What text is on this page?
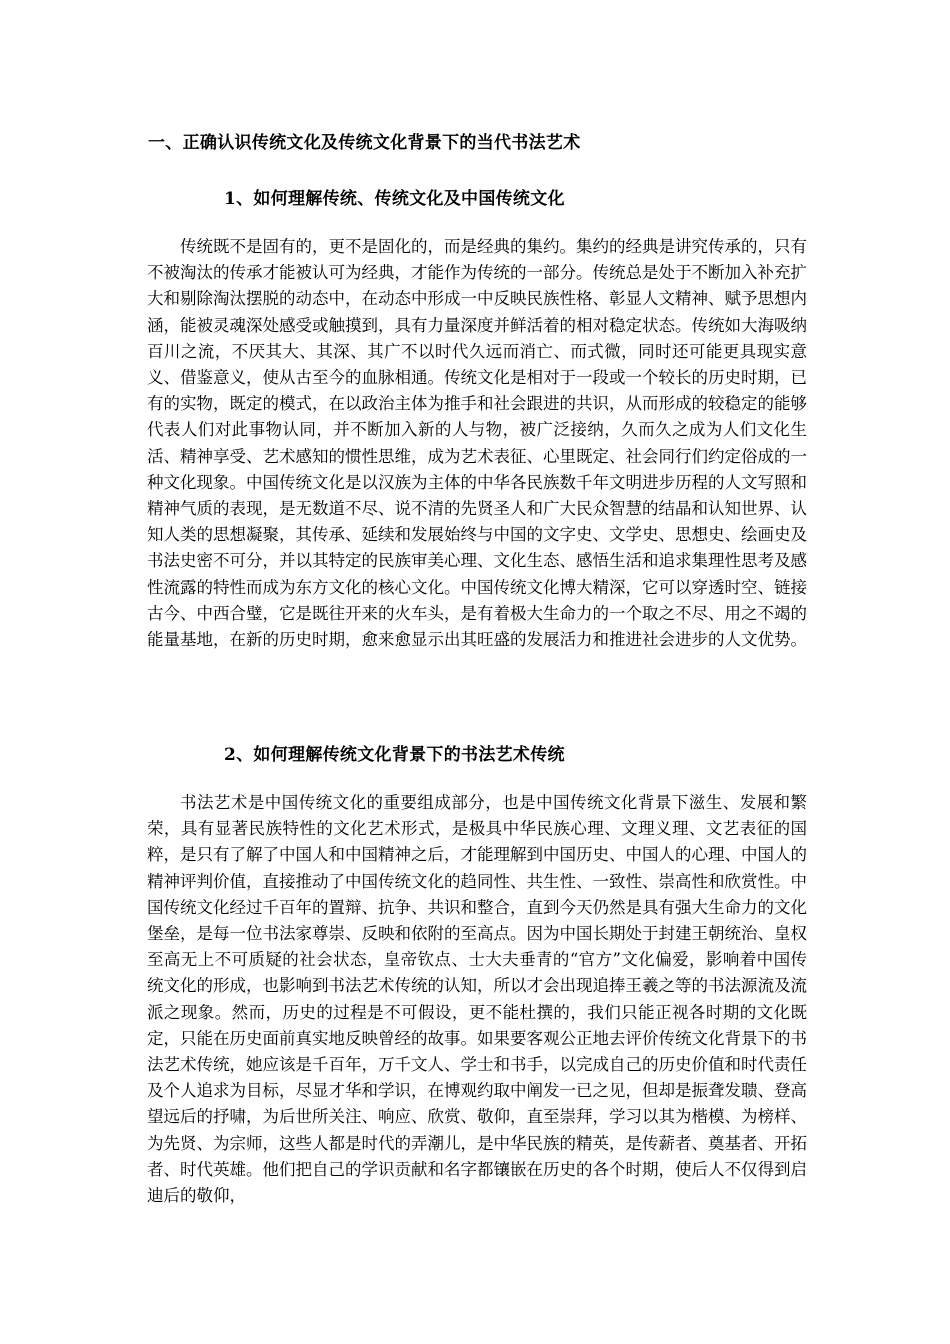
一、正确认识传统文化及传统文化背景下的当代书法艺术
1、如何理解传统、传统文化及中国传统文化

传统既不是固有的，更不是固化的，而是经典的集约。集约的经典是讲究传承的，只有不被淘汰的传承才能被认可为经典，才能作为传统的一部分。传统总是处于不断加入补充扩大和剔除淘汰摆脱的动态中，在动态中形成一中反映民族性格、彰显人文精神、赋予思想内涵，能被灵魂深处感受或触摸到，具有力量深度并鲜活着的相对稳定状态。传统如大海吸纳百川之流，不厌其大、其深、其广不以时代久远而消亡、而式微，同时还可能更具现实意义、借鉴意义，使从古至今的血脉相通。传统文化是相对于一段或一个较长的历史时期，已有的实物，既定的模式，在以政治主体为推手和社会跟进的共识，从而形成的较稳定的能够代表人们对此事物认同，并不断加入新的人与物，被广泛接纳，久而久之成为人们文化生活、精神享受、艺术感知的惯性思维，成为艺术表征、心里既定、社会同行们约定俗成的一种文化现象。中国传统文化是以汉族为主体的中华各民族数千年文明进步历程的人文写照和精神气质的表现，是无数道不尽、说不清的先贤圣人和广大民众智慧的结晶和认知世界、认知人类的思想凝聚，其传承、延续和发展始终与中国的文字史、文学史、思想史、绘画史及书法史密不可分，并以其特定的民族审美心理、文化生态、感悟生活和追求集理性思考及感性流露的特性而成为东方文化的核心文化。中国传统文化博大精深，它可以穿透时空、链接古今、中西合璧，它是既往开来的火车头，是有着极大生命力的一个取之不尽、用之不竭的能量基地，在新的历史时期，愈来愈显示出其旺盛的发展活力和推进社会进步的人文优势。

2、如何理解传统文化背景下的书法艺术传统

书法艺术是中国传统文化的重要组成部分，也是中国传统文化背景下滋生、发展和繁荣，具有显著民族特性的文化艺术形式，是极具中华民族心理、文理义理、文艺表征的国粹，是只有了解了中国人和中国精神之后，才能理解到中国历史、中国人的心理、中国人的精神评判价值，直接推动了中国传统文化的趋同性、共生性、一致性、崇高性和欣赏性。中国传统文化经过千百年的置辩、抗争、共识和整合，直到今天仍然是具有强大生命力的文化堡垒，是每一位书法家尊崇、反映和依附的至高点。因为中国长期处于封建王朝统治、皇权至高无上不可质疑的社会状态，皇帝钦点、士大夫垂青的“官方”文化偏爱，影响着中国传统文化的形成，也影响到书法艺术传统的认知，所以才会出现追捧王羲之等的书法源流及流派之现象。然而，历史的过程是不可假设，更不能杜撰的，我们只能正视各时期的文化既定，只能在历史面前真实地反映曾经的故事。如果要客观公正地去评价传统文化背景下的书法艺术传统，她应该是千百年，万千文人、学士和书手，以完成自己的历史价值和时代责任及个人追求为目标，尽显才华和学识，在博观约取中阐发一已之见，但却是振聋发聩、登高望远后的抒啸，为后世所关注、响应、欣赏、敬仰，直至崇拜，学习以其为楷模、为榜样、为先贤、为宗师，这些人都是时代的弄潮儿，是中华民族的精英，是传薪者、奠基者、开拓者、时代英雄。他们把自己的学识贡献和名字都镶嵌在历史的各个时期，使后人不仅得到启迪后的敬仰，
